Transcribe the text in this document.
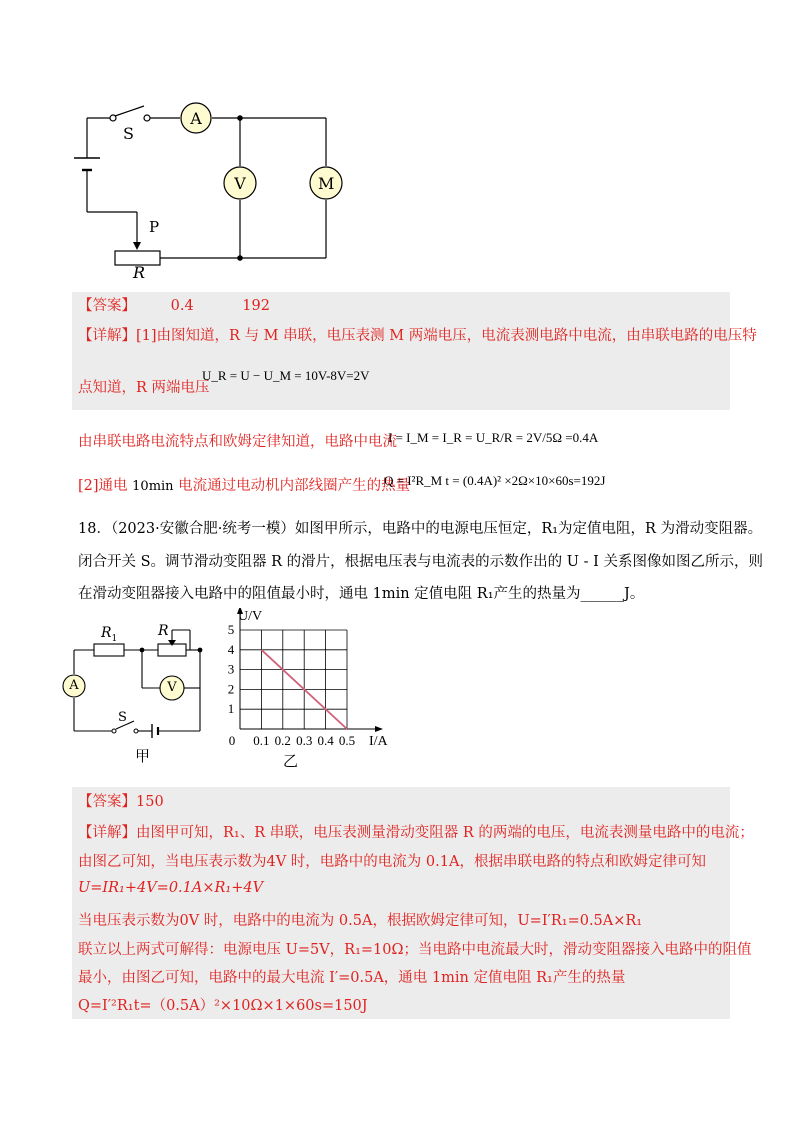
A
V	M
S
P
R
【答案】 0.4	192
【详解】[1]由图知道，R 与 M 串联，电压表测 M 两端电压，电流表测电路中电流，由串联电路的电压特
点知道，R 两端电压
U_R = U − U_M = 10V-8V=2V
由串联电路电流特点和欧姆定律知道，电路中电流
I = I_M = I_R = U_R/R = 2V/5Ω =0.4A
[2]通电 10min 电流通过电动机内部线圈产生的热量
Q = I²R_M t = (0.4A)² ×2Ω×10×60s=192J
18．（2023·安徽合肥·统考一模）如图甲所示，电路中的电源电压恒定，R₁为定值电阻，R 为滑动变阻器。
闭合开关 S。调节滑动变阻器 R 的滑片，根据电压表与电流表的示数作出的 U - I 关系图像如图乙所示，则
在滑动变阻器接入电路中的阻值最小时，通电 1min 定值电阻 R₁产生的热量为______J。
$R_1$	R
A	V
S
甲
0 0.1 0.2 0.3 0.4 0.5
1
2
3
4
5
U/V
I/A
乙
【答案】150
【详解】由图甲可知，R₁、R 串联，电压表测量滑动变阻器 R 的两端的电压，电流表测量电路中的电流；
由图乙可知，当电压表示数为4V 时，电路中的电流为 0.1A，根据串联电路的特点和欧姆定律可知
U=IR₁+4V=0.1A×R₁+4V
当电压表示数为0V 时，电路中的电流为 0.5A，根据欧姆定律可知，U=I′R₁=0.5A×R₁
联立以上两式可解得：电源电压 U=5V，R₁=10Ω；当电路中电流最大时，滑动变阻器接入电路中的阻值
最小，由图乙可知，电路中的最大电流 I′=0.5A，通电 1min 定值电阻 R₁产生的热量
Q=I′²R₁t=（0.5A）²×10Ω×1×60s=150J
